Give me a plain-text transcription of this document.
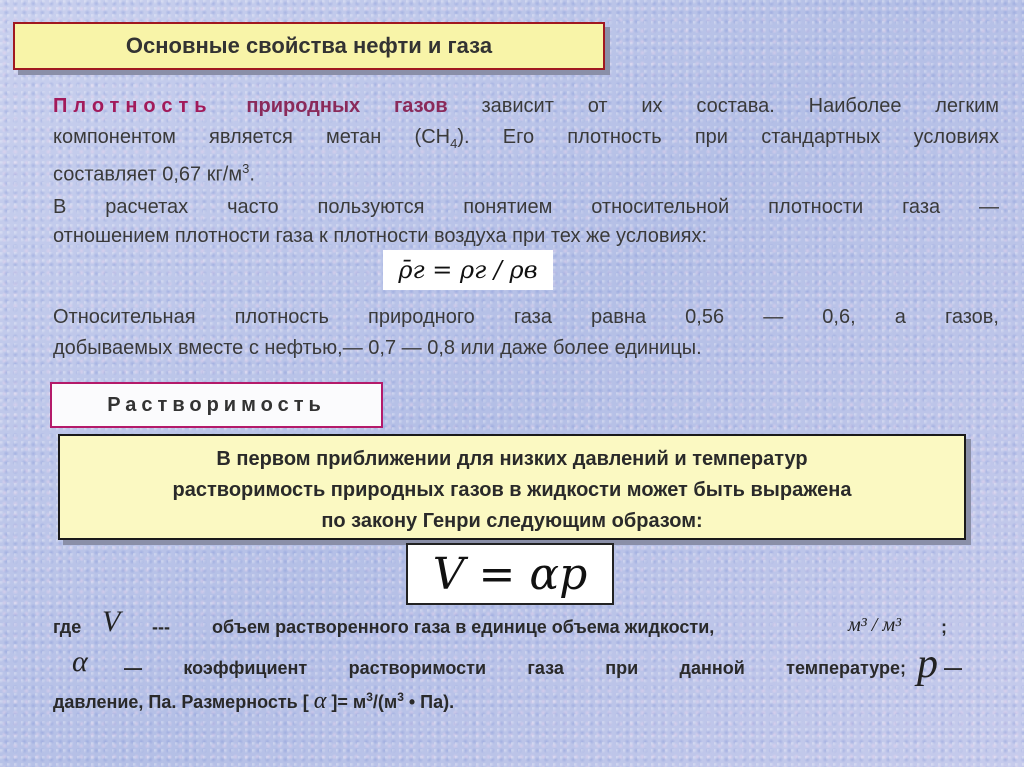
Основные свойства нефти и газа
Плотность природных газов зависит от их состава. Наиболее легким
компонентом является метан $(СН_4)$. Его плотность при стандартных условиях
составляет 0,67 $кг/м^3$.
В расчетах часто пользуются понятием относительной плотности газа —
отношением плотности газа к плотности воздуха при тех же условиях:
ρ̄г = ρг / ρв
Относительная плотность природного газа равна 0,56 — 0,6, а газов,
добываемых вместе с нефтью,— 0,7 — 0,8 или даже более единицы.
Растворимость
В первом приближении для низких давлений и температур
растворимость природных газов в жидкости может быть выражена
по закону Генри следующим образом:
V = αp
где V --- объем растворенного газа в единице объема жидкости,	м³ / м³ ;
α — коэффициент растворимости газа при данной температуре; p —
давление, Па. Размерность [ α ]= $м^3/(м^3$ • Па).
